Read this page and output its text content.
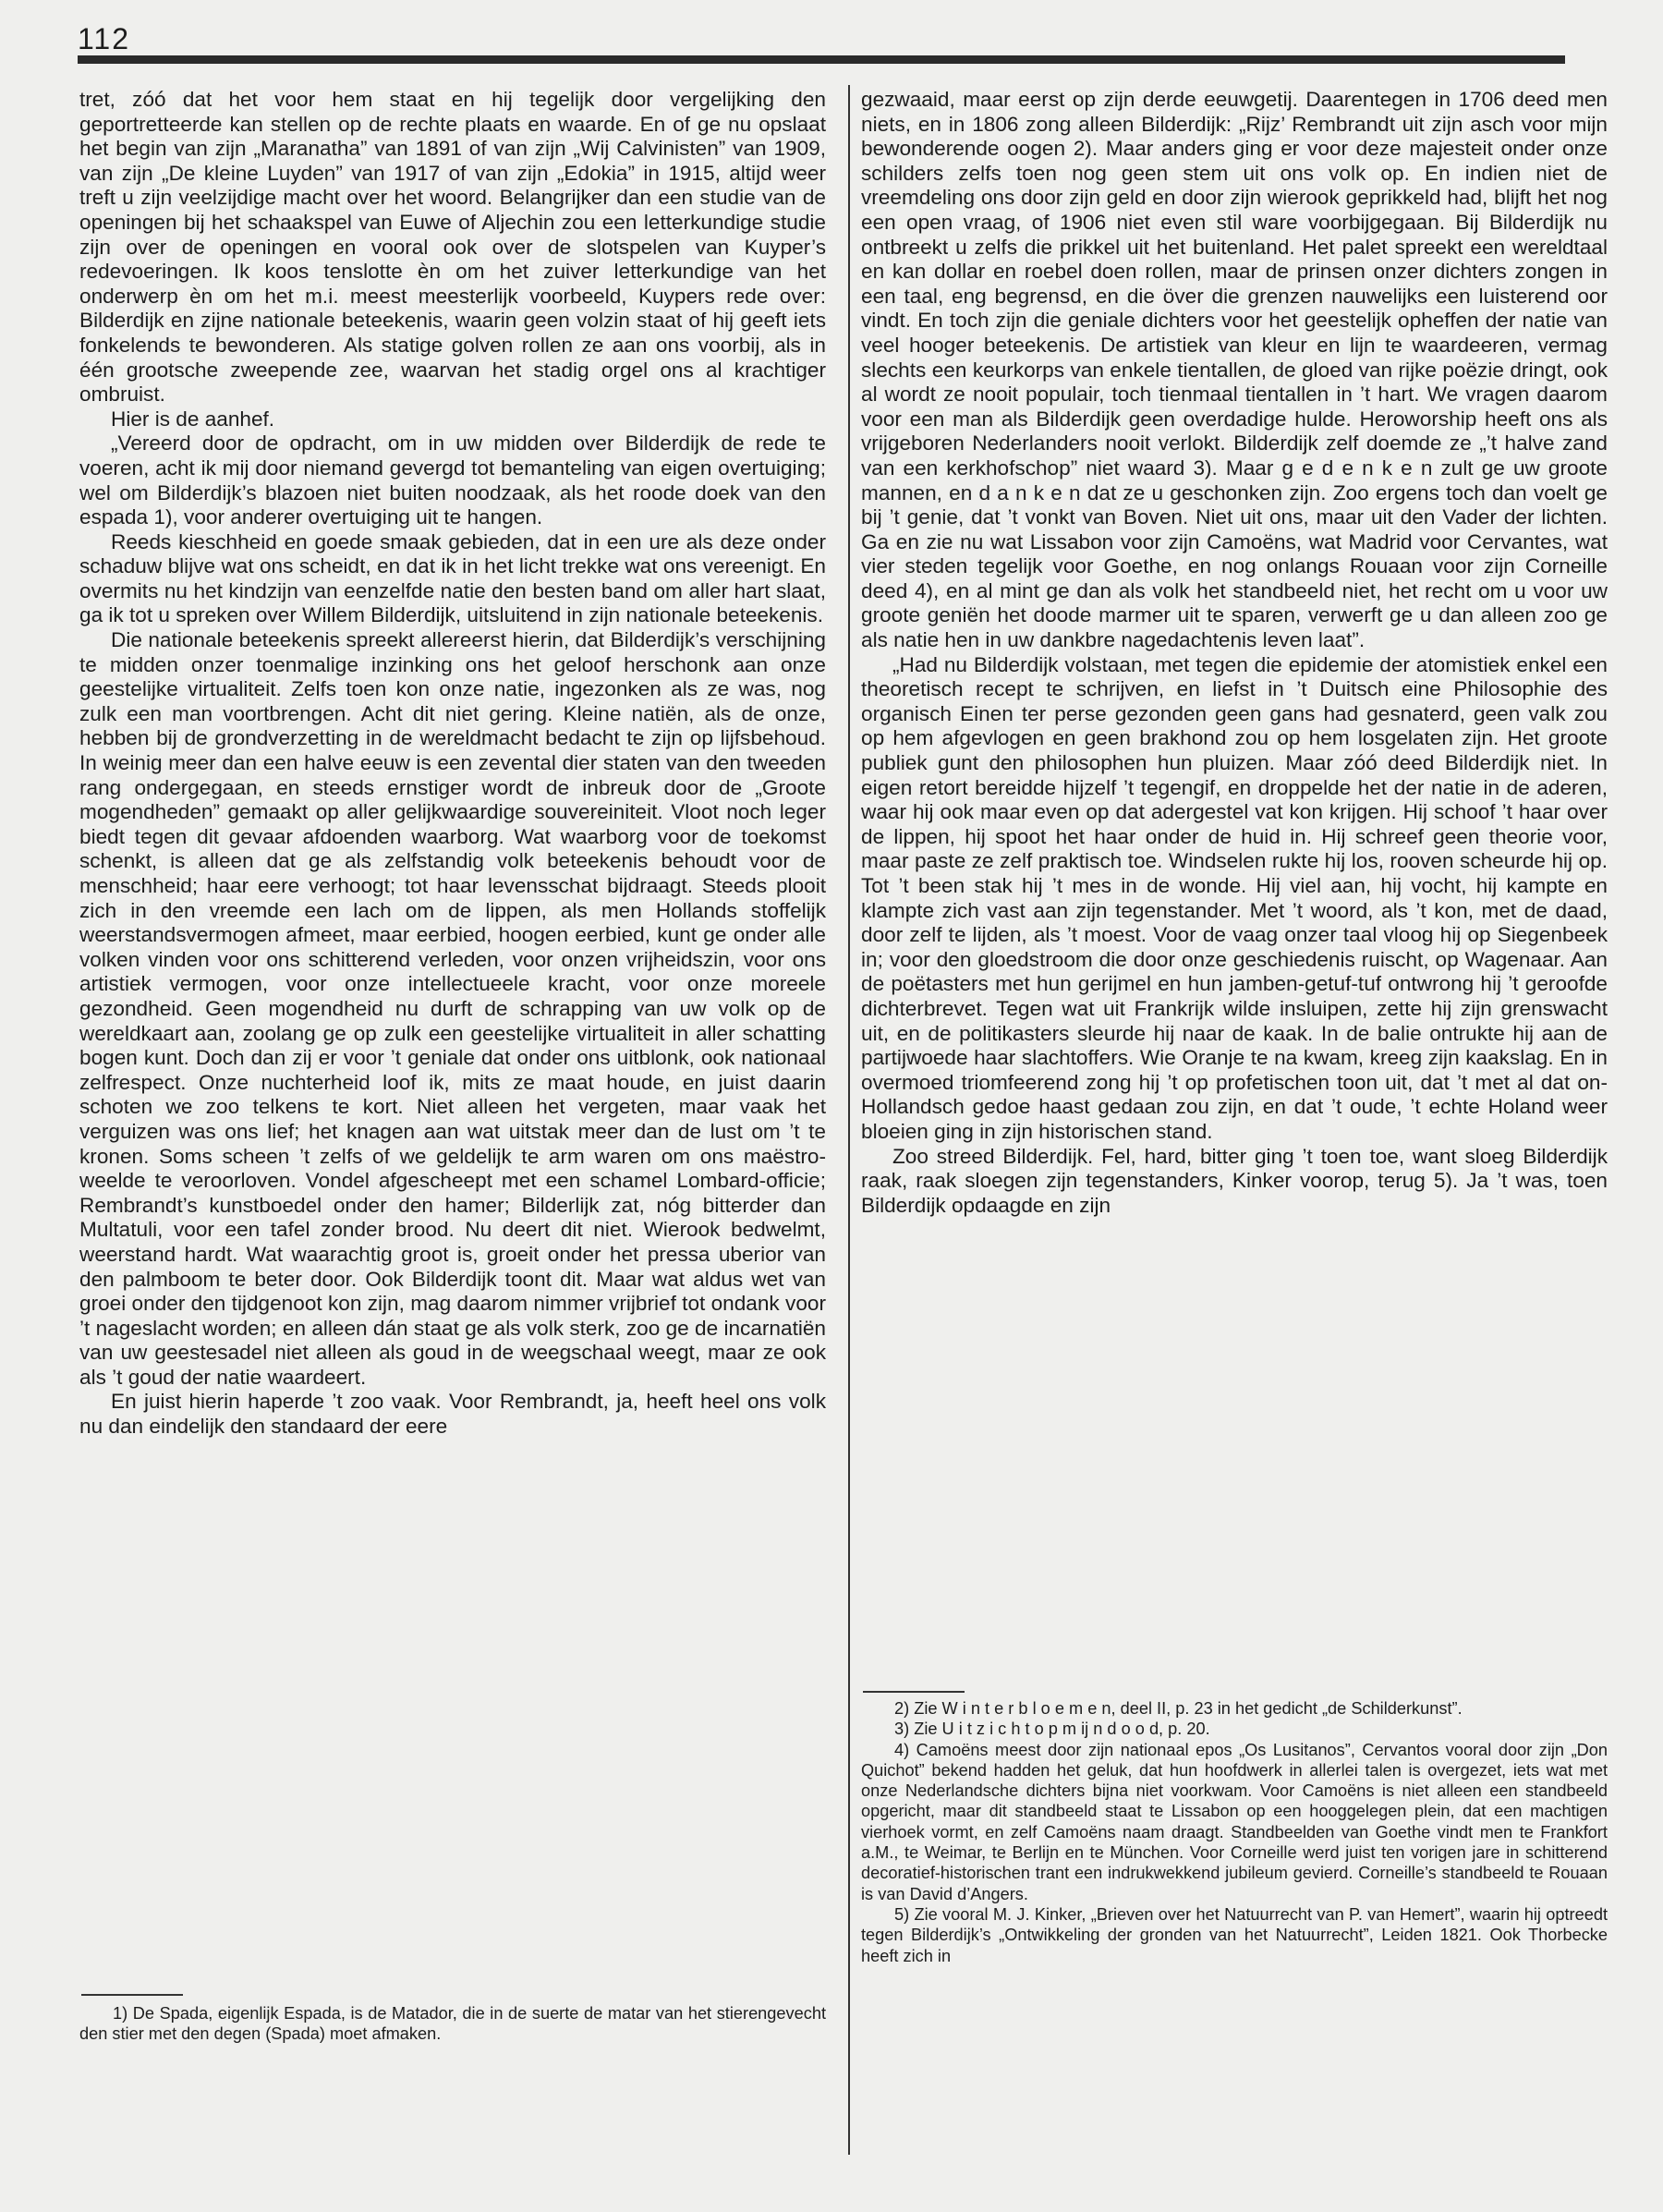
112

tret, zóó dat het voor hem staat en hij tegelijk door vergelijking den geportretteerde kan stellen op de rechte plaats en waarde. En of ge nu opslaat het begin van zijn „Maranatha” van 1891 of van zijn „Wij Calvinisten” van 1909, van zijn „De kleine Luyden” van 1917 of van zijn „Edokia” in 1915, altijd weer treft u zijn veelzijdige macht over het woord. Belangrijker dan een studie van de openingen bij het schaakspel van Euwe of Aljechin zou een letterkundige studie zijn over de openingen en vooral ook over de slotspelen van Kuyper’s redevoeringen. Ik koos tenslotte èn om het zuiver letterkundige van het onderwerp èn om het m.i. meest meesterlijk voorbeeld, Kuypers rede over: Bilderdijk en zijne nationale beteekenis, waarin geen volzin staat of hij geeft iets fonkelends te bewonderen. Als statige golven rollen ze aan ons voorbij, als in één grootsche zweepende zee, waarvan het stadig orgel ons al krachtiger ombruist.

Hier is de aanhef.

„Vereerd door de opdracht, om in uw midden over Bilderdijk de rede te voeren, acht ik mij door niemand gevergd tot bemanteling van eigen overtuiging; wel om Bilderdijk’s blazoen niet buiten noodzaak, als het roode doek van den espada 1), voor anderer overtuiging uit te hangen.

Reeds kieschheid en goede smaak gebieden, dat in een ure als deze onder schaduw blijve wat ons scheidt, en dat ik in het licht trekke wat ons vereenigt. En overmits nu het kindzijn van eenzelfde natie den besten band om aller hart slaat, ga ik tot u spreken over Willem Bilderdijk, uitsluitend in zijn nationale beteekenis.

Die nationale beteekenis spreekt allereerst hierin, dat Bilderdijk’s verschijning te midden onzer toenmalige inzinking ons het geloof herschonk aan onze geestelijke virtualiteit. Zelfs toen kon onze natie, ingezonken als ze was, nog zulk een man voortbrengen. Acht dit niet gering. Kleine natiën, als de onze, hebben bij de grondverzetting in de wereldmacht bedacht te zijn op lijfsbehoud. In weinig meer dan een halve eeuw is een zevental dier staten van den tweeden rang ondergegaan, en steeds ernstiger wordt de inbreuk door de „Groote mogendheden” gemaakt op aller gelijkwaardige souvereiniteit. Vloot noch leger biedt tegen dit gevaar afdoenden waarborg. Wat waarborg voor de toekomst schenkt, is alleen dat ge als zelfstandig volk beteekenis behoudt voor de menschheid; haar eere verhoogt; tot haar levensschat bijdraagt. Steeds plooit zich in den vreemde een lach om de lippen, als men Hollands stoffelijk weerstandsvermogen afmeet, maar eerbied, hoogen eerbied, kunt ge onder alle volken vinden voor ons schitterend verleden, voor onzen vrijheidszin, voor ons artistiek vermogen, voor onze intellectueele kracht, voor onze moreele gezondheid. Geen mogendheid nu durft de schrapping van uw volk op de wereldkaart aan, zoolang ge op zulk een geestelijke virtualiteit in aller schatting bogen kunt. Doch dan zij er voor ’t geniale dat onder ons uitblonk, ook nationaal zelfrespect. Onze nuchterheid loof ik, mits ze maat houde, en juist daarin schoten we zoo telkens te kort. Niet alleen het vergeten, maar vaak het verguizen was ons lief; het knagen aan wat uitstak meer dan de lust om ’t te kronen. Soms scheen ’t zelfs of we geldelijk te arm waren om ons maëstro-weelde te veroorloven. Vondel afgescheept met een schamel Lombard-officie; Rembrandt’s kunstboedel onder den hamer; Bilderlijk zat, nóg bitterder dan Multatuli, voor een tafel zonder brood. Nu deert dit niet. Wierook bedwelmt, weerstand hardt. Wat waarachtig groot is, groeit onder het pressa uberior van den palmboom te beter door. Ook Bilderdijk toont dit. Maar wat aldus wet van groei onder den tijdgenoot kon zijn, mag daarom nimmer vrijbrief tot ondank voor ’t nageslacht worden; en alleen dán staat ge als volk sterk, zoo ge de incarnatiën van uw geestesadel niet alleen als goud in de weegschaal weegt, maar ze ook als ’t goud der natie waardeert.

En juist hierin haperde ’t zoo vaak. Voor Rembrandt, ja, heeft heel ons volk nu dan eindelijk den standaard der eere

1) De Spada, eigenlijk Espada, is de Matador, die in de suerte de matar van het stierengevecht den stier met den degen (Spada) moet afmaken.

gezwaaid, maar eerst op zijn derde eeuwgetij. Daarentegen in 1706 deed men niets, en in 1806 zong alleen Bilderdijk: „Rijz’ Rembrandt uit zijn asch voor mijn bewonderende oogen 2). Maar anders ging er voor deze majesteit onder onze schilders zelfs toen nog geen stem uit ons volk op. En indien niet de vreemdeling ons door zijn geld en door zijn wierook geprikkeld had, blijft het nog een open vraag, of 1906 niet even stil ware voorbijgegaan. Bij Bilderdijk nu ontbreekt u zelfs die prikkel uit het buitenland. Het palet spreekt een wereldtaal en kan dollar en roebel doen rollen, maar de prinsen onzer dichters zongen in een taal, eng begrensd, en die över die grenzen nauwelijks een luisterend oor vindt. En toch zijn die geniale dichters voor het geestelijk opheffen der natie van veel hooger beteekenis. De artistiek van kleur en lijn te waardeeren, vermag slechts een keurkorps van enkele tientallen, de gloed van rijke poëzie dringt, ook al wordt ze nooit populair, toch tienmaal tientallen in ’t hart. We vragen daarom voor een man als Bilderdijk geen overdadige hulde. Heroworship heeft ons als vrijgeboren Nederlanders nooit verlokt. Bilderdijk zelf doemde ze „’t halve zand van een kerkhofschop” niet waard 3). Maar g e d e n k e n zult ge uw groote mannen, en d a n k e n dat ze u geschonken zijn. Zoo ergens toch dan voelt ge bij ’t genie, dat ’t vonkt van Boven. Niet uit ons, maar uit den Vader der lichten. Ga en zie nu wat Lissabon voor zijn Camoëns, wat Madrid voor Cervantes, wat vier steden tegelijk voor Goethe, en nog onlangs Rouaan voor zijn Corneille deed 4), en al mint ge dan als volk het standbeeld niet, het recht om u voor uw groote geniën het doode marmer uit te sparen, verwerft ge u dan alleen zoo ge als natie hen in uw dankbre nagedachtenis leven laat”.

„Had nu Bilderdijk volstaan, met tegen die epidemie der atomistiek enkel een theoretisch recept te schrijven, en liefst in ’t Duitsch eine Philosophie des organisch Einen ter perse gezonden geen gans had gesnaterd, geen valk zou op hem afgevlogen en geen brakhond zou op hem losgelaten zijn. Het groote publiek gunt den philosophen hun pluizen. Maar zóó deed Bilderdijk niet. In eigen retort bereidde hijzelf ’t tegengif, en droppelde het der natie in de aderen, waar hij ook maar even op dat adergestel vat kon krijgen. Hij schoof ’t haar over de lippen, hij spoot het haar onder de huid in. Hij schreef geen theorie voor, maar paste ze zelf praktisch toe. Windselen rukte hij los, rooven scheurde hij op. Tot ’t been stak hij ’t mes in de wonde. Hij viel aan, hij vocht, hij kampte en klampte zich vast aan zijn tegenstander. Met ’t woord, als ’t kon, met de daad, door zelf te lijden, als ’t moest. Voor de vaag onzer taal vloog hij op Siegenbeek in; voor den gloedstroom die door onze geschiedenis ruischt, op Wagenaar. Aan de poëtasters met hun gerijmel en hun jamben-getuf-tuf ontwrong hij ’t geroofde dichterbrevet. Tegen wat uit Frankrijk wilde insluipen, zette hij zijn grenswacht uit, en de politikasters sleurde hij naar de kaak. In de balie ontrukte hij aan de partijwoede haar slachtoffers. Wie Oranje te na kwam, kreeg zijn kaakslag. En in overmoed triomfeerend zong hij ’t op profetischen toon uit, dat ’t met al dat on-Hollandsch gedoe haast gedaan zou zijn, en dat ’t oude, ’t echte Holand weer bloeien ging in zijn historischen stand.

Zoo streed Bilderdijk. Fel, hard, bitter ging ’t toen toe, want sloeg Bilderdijk raak, raak sloegen zijn tegenstanders, Kinker voorop, terug 5). Ja ’t was, toen Bilderdijk opdaagde en zijn

2) Zie W i n t e r b l o e m e n, deel II, p. 23 in het gedicht „de Schilderkunst”.

3) Zie U i t z i c h t o p m ij n d o o d, p. 20.

4) Camoëns meest door zijn nationaal epos „Os Lusitanos”, Cervantos vooral door zijn „Don Quichot” bekend hadden het geluk, dat hun hoofdwerk in allerlei talen is overgezet, iets wat met onze Nederlandsche dichters bijna niet voorkwam. Voor Camoëns is niet alleen een standbeeld opgericht, maar dit standbeeld staat te Lissabon op een hooggelegen plein, dat een machtigen vierhoek vormt, en zelf Camoëns naam draagt. Standbeelden van Goethe vindt men te Frankfort a.M., te Weimar, te Berlijn en te München. Voor Corneille werd juist ten vorigen jare in schitterend decoratief-historischen trant een indrukwekkend jubileum gevierd. Corneille’s standbeeld te Rouaan is van David d’Angers.

5) Zie vooral M. J. Kinker, „Brieven over het Natuurrecht van P. van Hemert”, waarin hij optreedt tegen Bilderdijk’s „Ontwikkeling der gronden van het Natuurrecht”, Leiden 1821. Ook Thorbecke heeft zich in
